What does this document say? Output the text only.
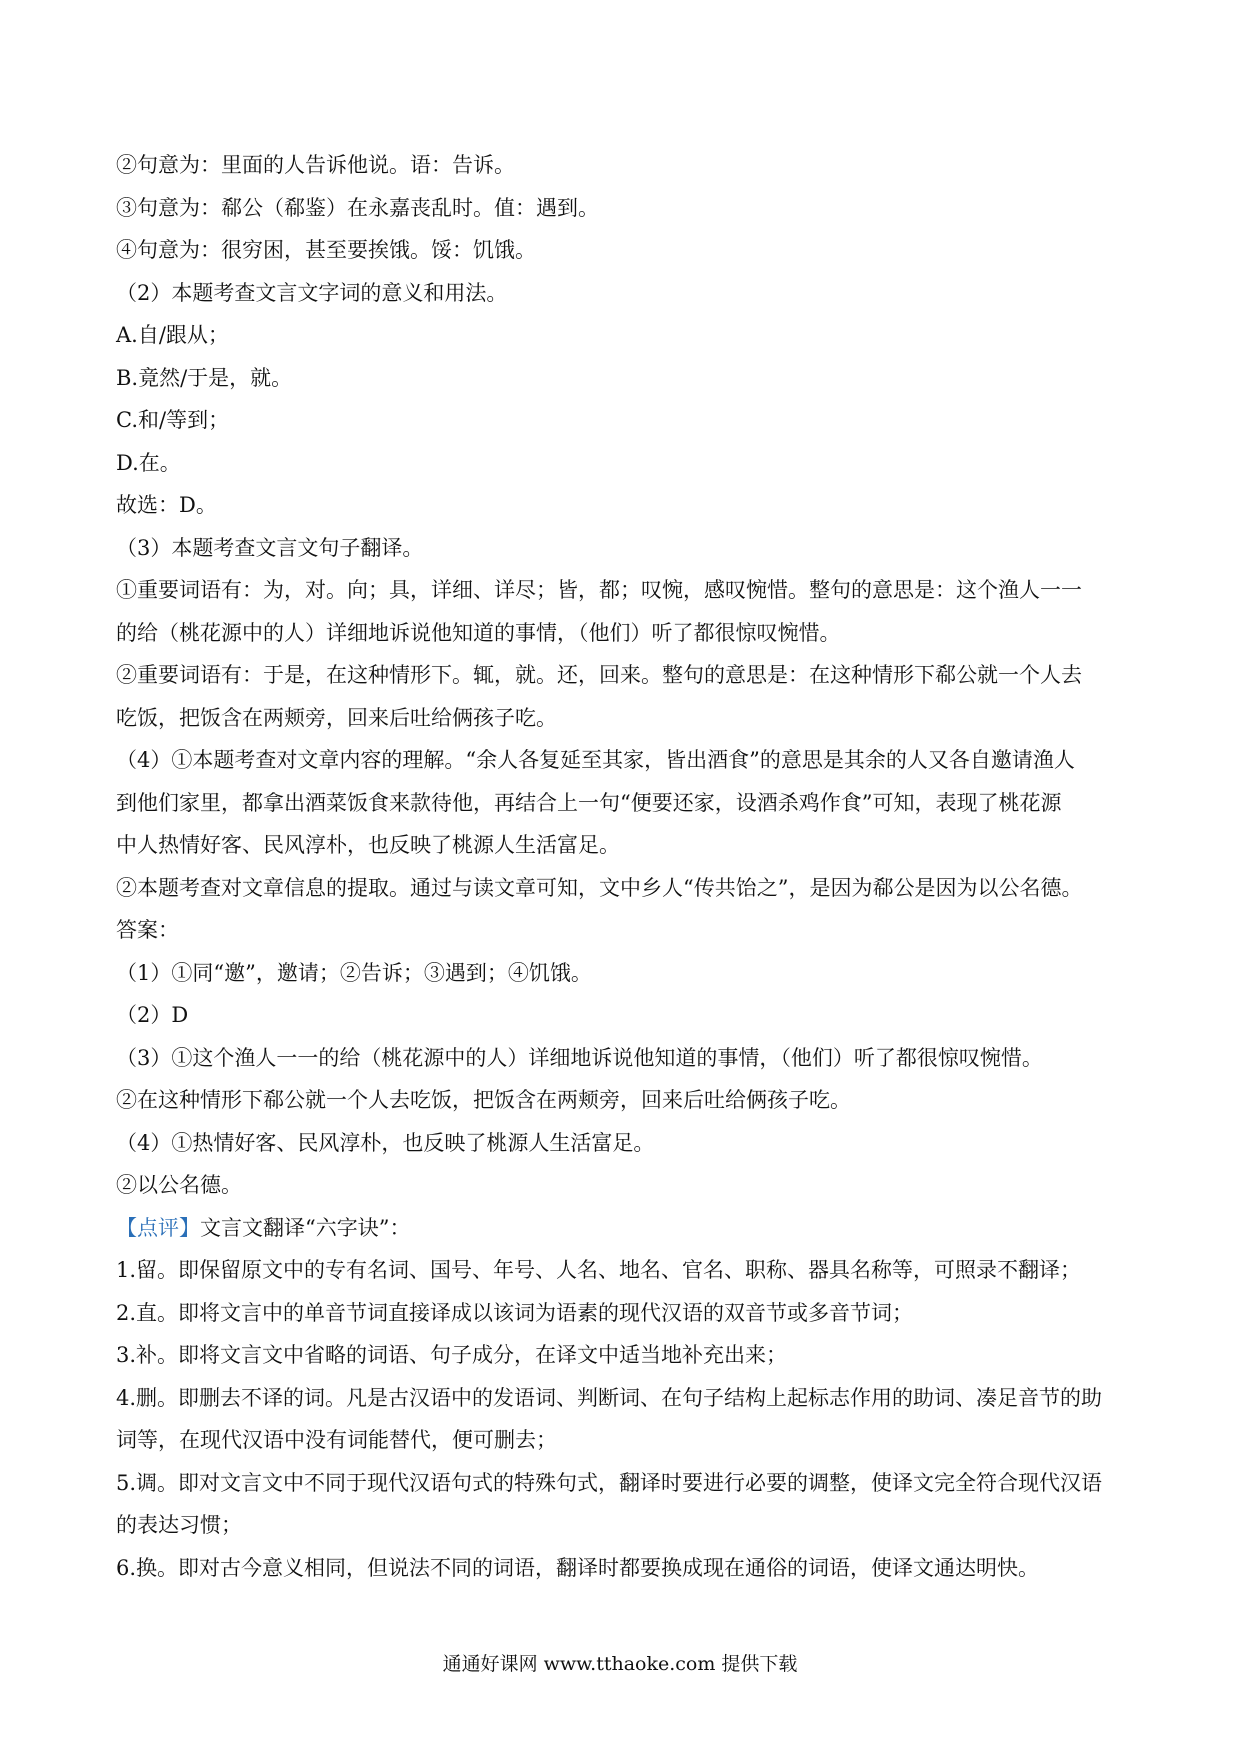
②句意为：里面的人告诉他说。语：告诉。

③句意为：郗公（郗鉴）在永嘉丧乱时。值：遇到。

④句意为：很穷困，甚至要挨饿。馁：饥饿。

（2）本题考查文言文字词的意义和用法。

A.自/跟从；

B.竟然/于是，就。

C.和/等到；

D.在。

故选：D。

（3）本题考查文言文句子翻译。

①重要词语有：为，对。向；具，详细、详尽；皆，都；叹惋，感叹惋惜。整句的意思是：这个渔人一一

的给（桃花源中的人）详细地诉说他知道的事情，（他们）听了都很惊叹惋惜。

②重要词语有：于是，在这种情形下。辄，就。还，回来。整句的意思是：在这种情形下郗公就一个人去

吃饭，把饭含在两颊旁，回来后吐给俩孩子吃。

（4）①本题考查对文章内容的理解。“余人各复延至其家，皆出酒食”的意思是其余的人又各自邀请渔人

到他们家里，都拿出酒菜饭食来款待他，再结合上一句“便要还家，设酒杀鸡作食”可知，表现了桃花源

中人热情好客、民风淳朴，也反映了桃源人生活富足。

②本题考查对文章信息的提取。通过与读文章可知，文中乡人“传共饴之”，是因为郗公是因为以公名德。

答案：

（1）①同“邀”，邀请；②告诉；③遇到；④饥饿。

（2）D

（3）①这个渔人一一的给（桃花源中的人）详细地诉说他知道的事情，（他们）听了都很惊叹惋惜。

②在这种情形下郗公就一个人去吃饭，把饭含在两颊旁，回来后吐给俩孩子吃。

（4）①热情好客、民风淳朴，也反映了桃源人生活富足。

②以公名德。

【点评】文言文翻译“六字诀”：

1.留。即保留原文中的专有名词、国号、年号、人名、地名、官名、职称、器具名称等，可照录不翻译；

2.直。即将文言中的单音节词直接译成以该词为语素的现代汉语的双音节或多音节词；

3.补。即将文言文中省略的词语、句子成分，在译文中适当地补充出来；

4.删。即删去不译的词。凡是古汉语中的发语词、判断词、在句子结构上起标志作用的助词、凑足音节的助

词等，在现代汉语中没有词能替代，便可删去；

5.调。即对文言文中不同于现代汉语句式的特殊句式，翻译时要进行必要的调整，使译文完全符合现代汉语

的表达习惯；

6.换。即对古今意义相同，但说法不同的词语，翻译时都要换成现在通俗的词语，使译文通达明快。

通通好课网 www.tthaoke.com 提供下载
